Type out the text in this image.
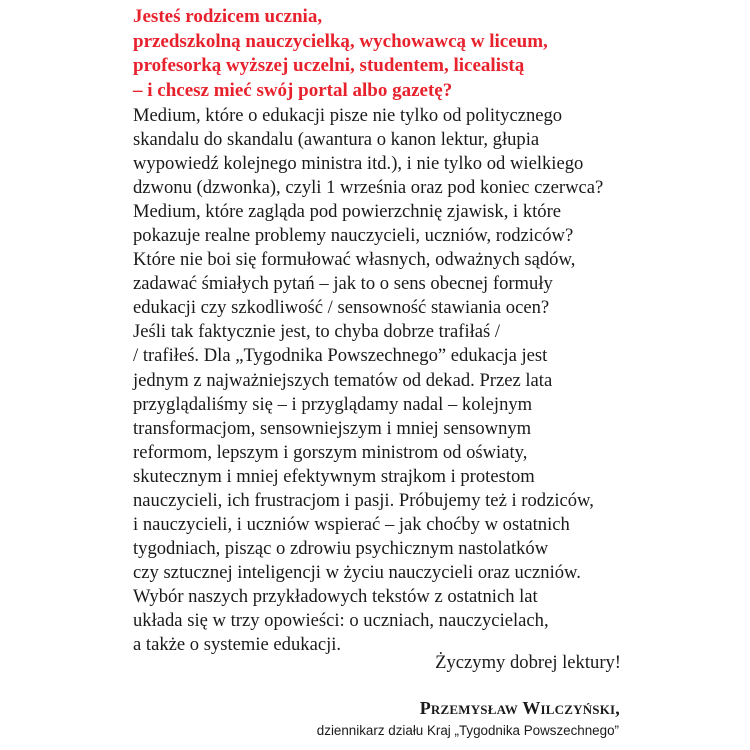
Jesteś rodzicem ucznia,
przedszkolną nauczycielką, wychowawcą w liceum,
profesorką wyższej uczelni, studentem, licealistą
– i chcesz mieć swój portal albo gazetę?

Medium, które o edukacji pisze nie tylko od politycznego
skandalu do skandalu (awantura o kanon lektur, głupia
wypowiedź kolejnego ministra itd.), i nie tylko od wielkiego
dzwonu (dzwonka), czyli 1 września oraz pod koniec czerwca?
Medium, które zagląda pod powierzchnię zjawisk, i które
pokazuje realne problemy nauczycieli, uczniów, rodziców?
Które nie boi się formułować własnych, odważnych sądów,
zadawać śmiałych pytań – jak to o sens obecnej formuły
edukacji czy szkodliwość / sensowność stawiania ocen?
Jeśli tak faktycznie jest, to chyba dobrze trafiłaś /
/ trafiłeś. Dla „Tygodnika Powszechnego” edukacja jest
jednym z najważniejszych tematów od dekad. Przez lata
przyglądaliśmy się – i przyglądamy nadal – kolejnym
transformacjom, sensowniejszym i mniej sensownym
reformom, lepszym i gorszym ministrom od oświaty,
skutecznym i mniej efektywnym strajkom i protestom
nauczycieli, ich frustracjom i pasji. Próbujemy też i rodziców,
i nauczycieli, i uczniów wspierać – jak choćby w ostatnich
tygodniach, pisząc o zdrowiu psychicznym nastolatków
czy sztucznej inteligencji w życiu nauczycieli oraz uczniów.
Wybór naszych przykładowych tekstów z ostatnich lat
układa się w trzy opowieści: o uczniach, nauczycielach,
a także o systemie edukacji.

Życzymy dobrej lektury!

Przemysław Wilczyński,

dziennikarz działu Kraj „Tygodnika Powszechnego”
